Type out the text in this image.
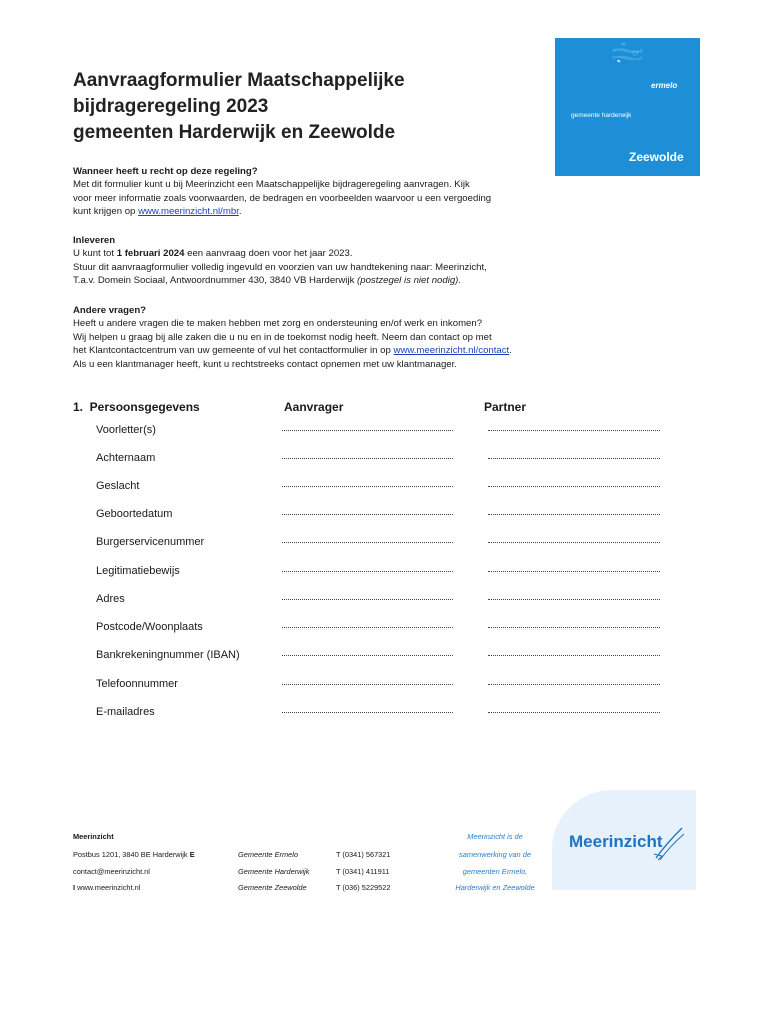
Aanvraagformulier Maatschappelijke
bijdrageregeling 2023
gemeenten Harderwijk en Zeewolde
ermelo
gemeente harderwijk
Zeewolde
Wanneer heeft u recht op deze regeling?
Met dit formulier kunt u bij Meerinzicht een Maatschappelijke bijdrageregeling aanvragen. Kijk
voor meer informatie zoals voorwaarden, de bedragen en voorbeelden waarvoor u een vergoeding
kunt krijgen op www.meerinzicht.nl/mbr.
Inleveren
U kunt tot 1 februari 2024 een aanvraag doen voor het jaar 2023.
Stuur dit aanvraagformulier volledig ingevuld en voorzien van uw handtekening naar: Meerinzicht,
T.a.v. Domein Sociaal, Antwoordnummer 430, 3840 VB Harderwijk (postzegel is niet nodig).
Andere vragen?
Heeft u andere vragen die te maken hebben met zorg en ondersteuning en/of werk en inkomen?
Wij helpen u graag bij alle zaken die u nu en in de toekomst nodig heeft. Neem dan contact op met
het Klantcontactcentrum van uw gemeente of vul het contactformulier in op www.meerinzicht.nl/contact.
Als u een klantmanager heeft, kunt u rechtstreeks contact opnemen met uw klantmanager.
1.  Persoonsgegevens	Aanvrager	Partner
Voorletter(s)
Achternaam
Geslacht
Geboortedatum
Burgerservicenummer
Legitimatiebewijs
Adres
Postcode/Woonplaats
Bankrekeningnummer (IBAN)
Telefoonnummer
E-mailadres
Meerinzicht
Postbus 1201, 3840 BE Harderwijk E
contact@meerinzicht.nl
I www.meerinzicht.nl
Gemeente Ermelo
Gemeente Harderwijk
Gemeente Zeewolde
T (0341) 567321
T (0341) 411911
T (036) 5229522
Meerinzicht is de
samenwerking van de
gemeenten Ermelo,
Harderwijk en Zeewolde
Meerinzicht
